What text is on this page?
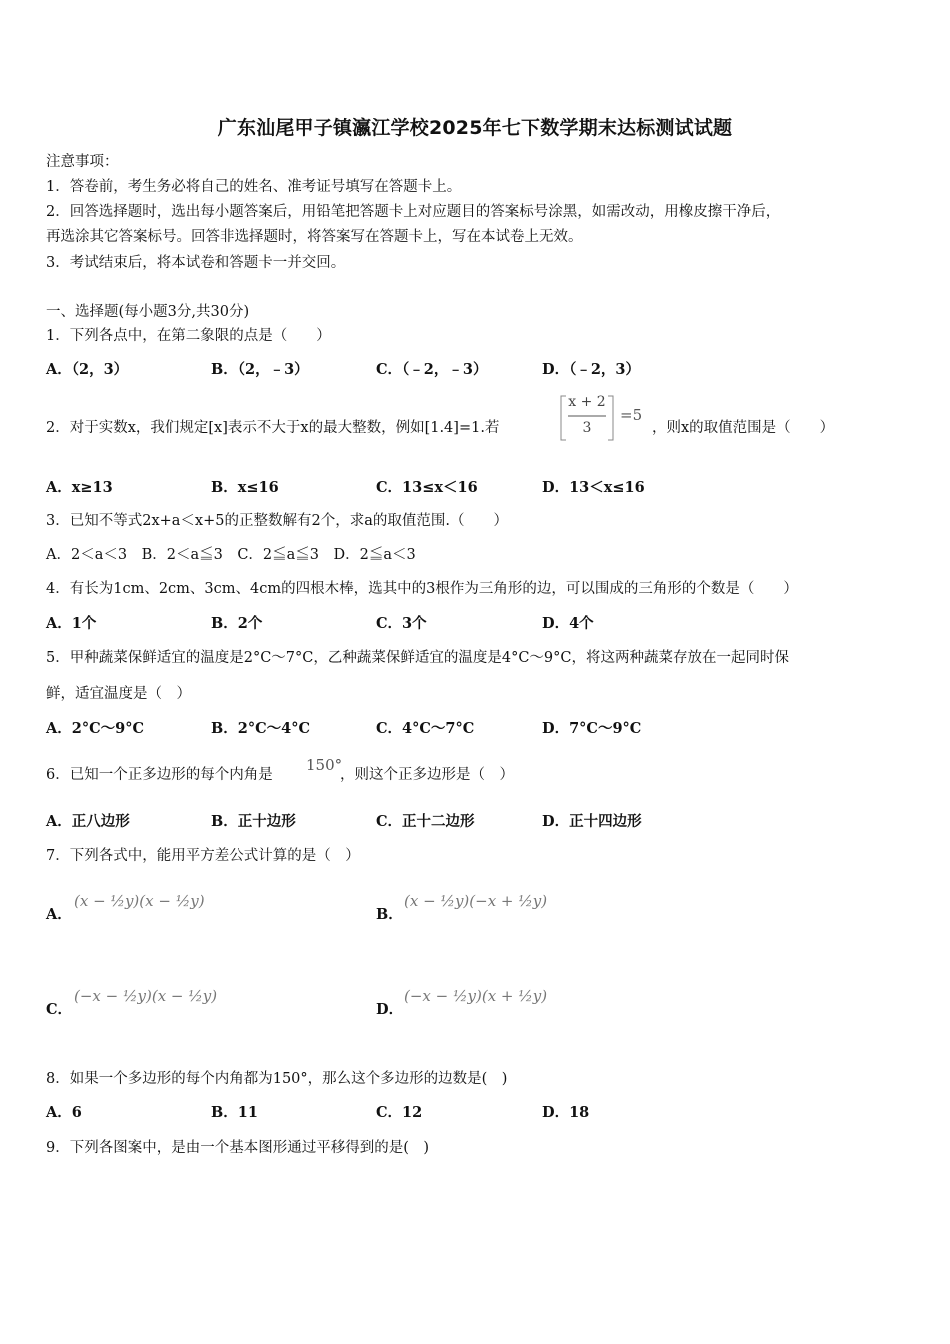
广东汕尾甲子镇瀛江学校2025年七下数学期末达标测试试题
注意事项：
1．答卷前，考生务必将自己的姓名、准考证号填写在答题卡上。
2．回答选择题时，选出每小题答案后，用铅笔把答题卡上对应题目的答案标号涂黑，如需改动，用橡皮擦干净后，
再选涂其它答案标号。回答非选择题时，将答案写在答题卡上，写在本试卷上无效。
3．考试结束后，将本试卷和答题卡一并交回。
一、选择题(每小题3分,共30分)
1．下列各点中，在第二象限的点是（　　）
A．（2，3）	B．（2，﹣3）	C．（﹣2，﹣3）	D．（﹣2，3）
2．对于实数x，我们规定[x]表示不大于x的最大整数，例如[1.4]=1.若
x + 2
3
=5
，则x的取值范围是（　　）
A．x≥13	B．x≤16	C．13≤x＜16	D．13＜x≤16
3．已知不等式2x+a＜x+5的正整数解有2个，求a的取值范围.（　　）
A．2＜a＜3　B．2＜a≦3　C．2≦a≦3　D．2≦a＜3
4．有长为1cm、2cm、3cm、4cm的四根木棒，选其中的3根作为三角形的边，可以围成的三角形的个数是（　　）
A．1个	B．2个	C．3个	D．4个
5．甲种蔬菜保鲜适宜的温度是2°C～7°C，乙种蔬菜保鲜适宜的温度是4°C～9°C，将这两种蔬菜存放在一起同时保
鲜，适宜温度是（　）
A．2°C～9°C	B．2°C～4°C	C．4°C～7°C	D．7°C～9°C
6．已知一个正多边形的每个内角是
150°
，则这个正多边形是（　）
A．正八边形	B．正十边形	C．正十二边形	D．正十四边形
7．下列各式中，能用平方差公式计算的是（　）
A．
(x − ½y)(x − ½y)
B．
(x − ½y)(−x + ½y)
C．
(−x − ½y)(x − ½y)
D．
(−x − ½y)(x + ½y)
8．如果一个多边形的每个内角都为150°，那么这个多边形的边数是(　)
A．6	B．11	C．12	D．18
9．下列各图案中，是由一个基本图形通过平移得到的是(　)
